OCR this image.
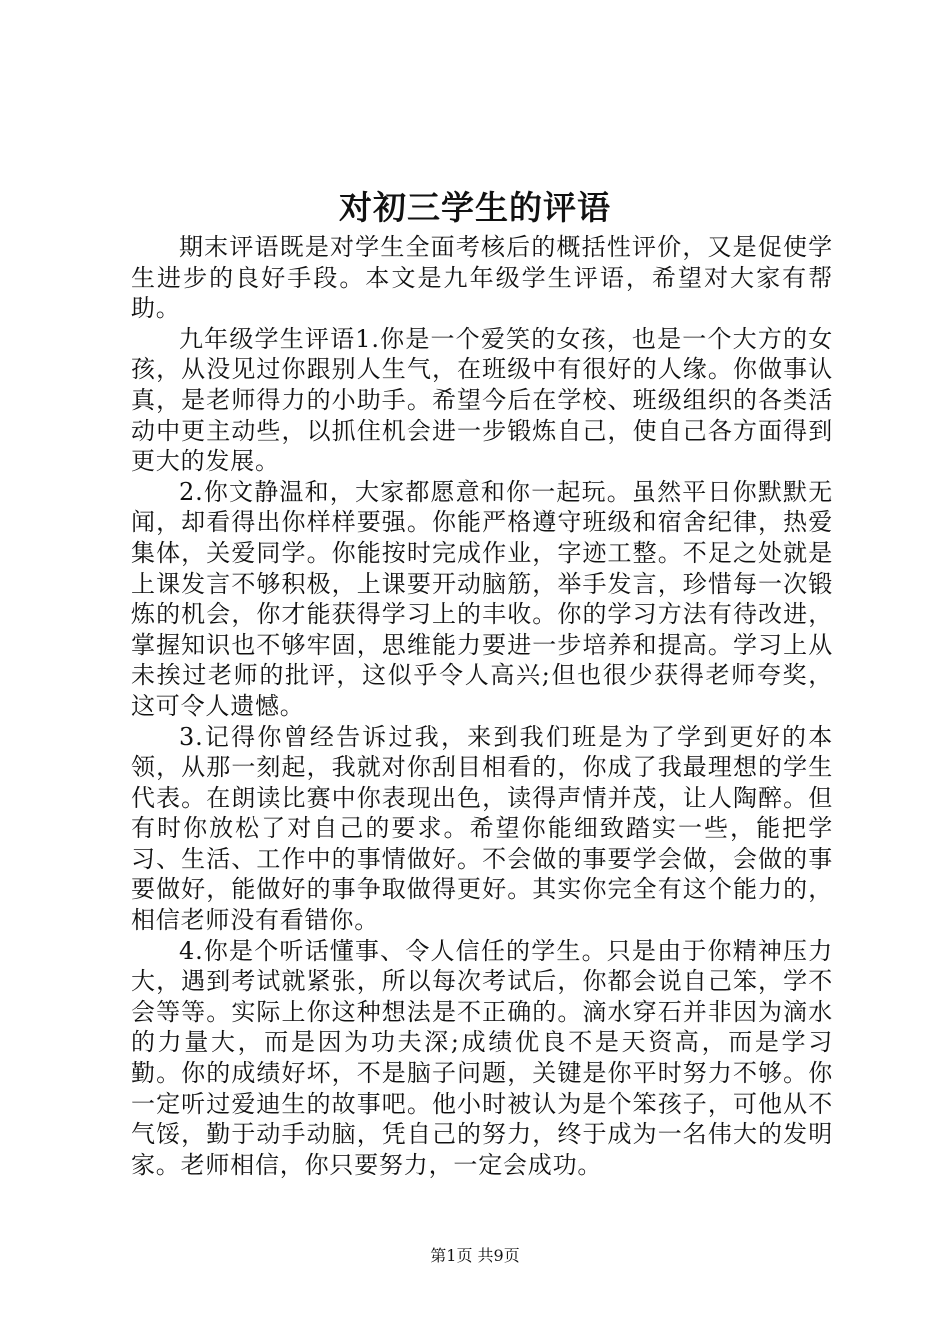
对初三学生的评语

期末评语既是对学生全面考核后的概括性评价，又是促使学生进步的良好手段。本文是九年级学生评语，希望对大家有帮助。

九年级学生评语1.你是一个爱笑的女孩，也是一个大方的女孩，从没见过你跟别人生气，在班级中有很好的人缘。你做事认真，是老师得力的小助手。希望今后在学校、班级组织的各类活动中更主动些，以抓住机会进一步锻炼自己，使自己各方面得到更大的发展。

2.你文静温和，大家都愿意和你一起玩。虽然平日你默默无闻，却看得出你样样要强。你能严格遵守班级和宿舍纪律，热爱集体，关爱同学。你能按时完成作业，字迹工整。不足之处就是上课发言不够积极，上课要开动脑筋，举手发言，珍惜每一次锻炼的机会，你才能获得学习上的丰收。你的学习方法有待改进，掌握知识也不够牢固，思维能力要进一步培养和提高。学习上从未挨过老师的批评，这似乎令人高兴;但也很少获得老师夸奖，这可令人遗憾。

3.记得你曾经告诉过我，来到我们班是为了学到更好的本领，从那一刻起，我就对你刮目相看的，你成了我最理想的学生代表。在朗读比赛中你表现出色，读得声情并茂，让人陶醉。但有时你放松了对自己的要求。希望你能细致踏实一些，能把学习、生活、工作中的事情做好。不会做的事要学会做，会做的事要做好，能做好的事争取做得更好。其实你完全有这个能力的，相信老师没有看错你。

4.你是个听话懂事、令人信任的学生。只是由于你精神压力大，遇到考试就紧张，所以每次考试后，你都会说自己笨，学不会等等。实际上你这种想法是不正确的。滴水穿石并非因为滴水的力量大，而是因为功夫深;成绩优良不是天资高，而是学习勤。你的成绩好坏，不是脑子问题，关键是你平时努力不够。你一定听过爱迪生的故事吧。他小时被认为是个笨孩子，可他从不气馁，勤于动手动脑，凭自己的努力，终于成为一名伟大的发明家。老师相信，你只要努力，一定会成功。

第1页 共9页
